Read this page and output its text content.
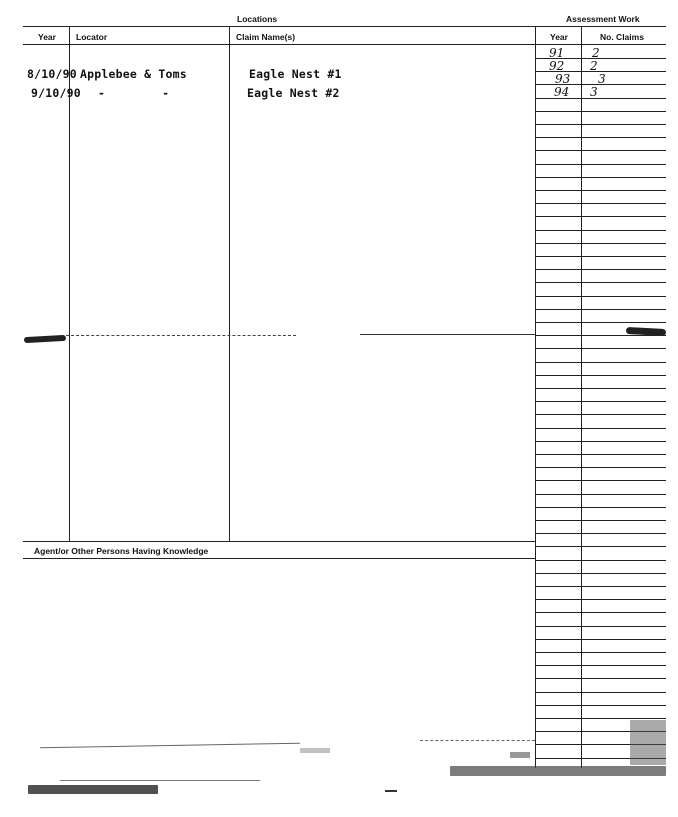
Locations	Assessment Work
Year Locator	Claim Name(s)	Year	No. Claims
8/10/90 Applebee & Toms	Eagle Nest #1
9/10/90 -        -	Eagle Nest #2
91 2
92 2
93 3
94 3
Agent/or Other Persons Having Knowledge
